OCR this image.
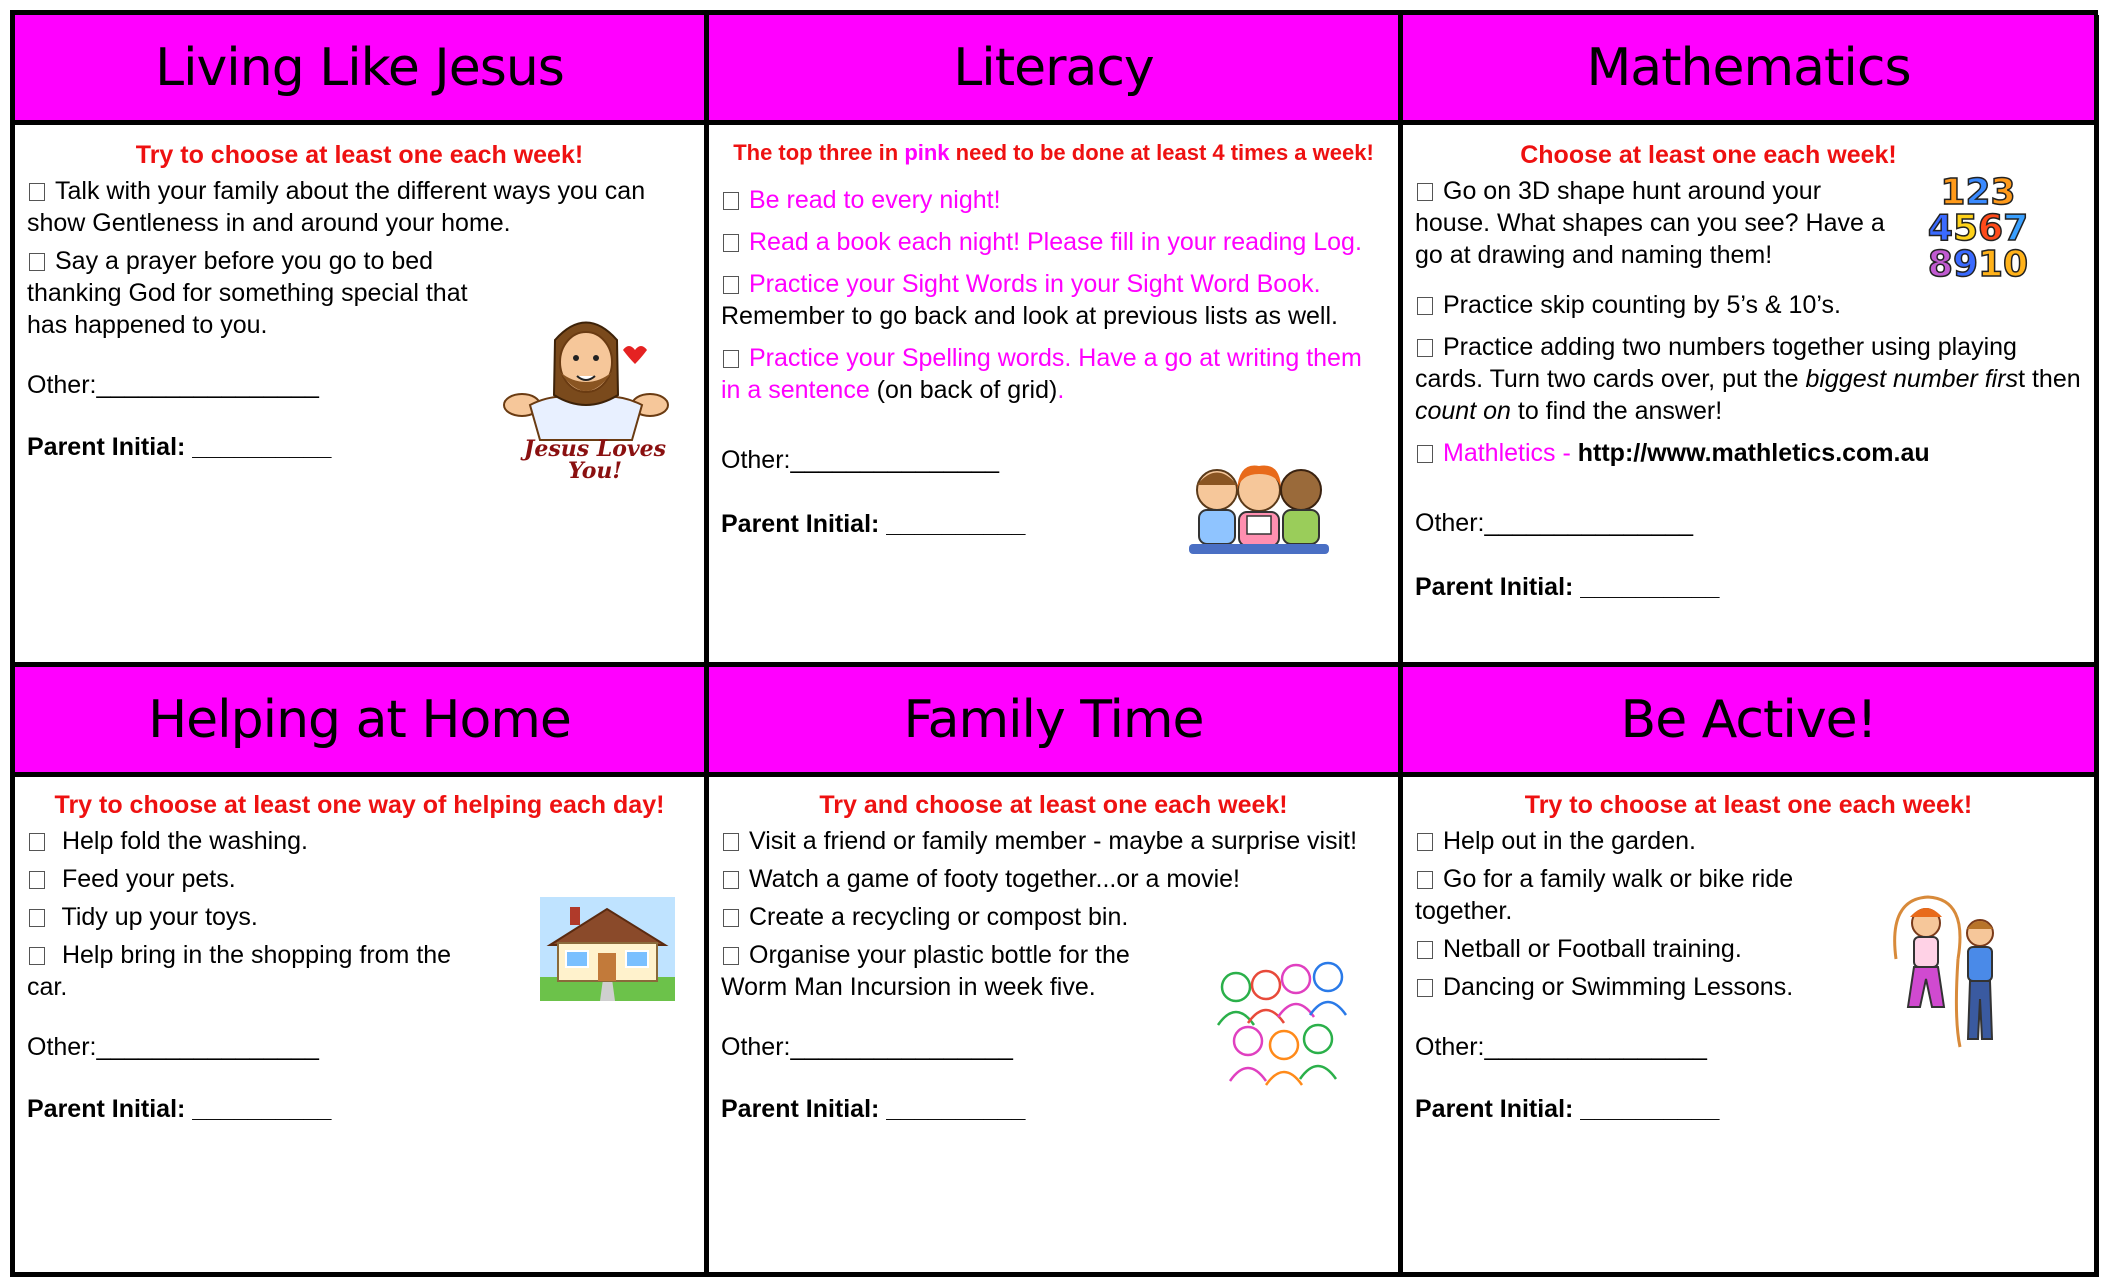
Living Like Jesus	Literacy	Mathematics
Try to choose at least one each week!
Talk with your family about the different ways you can show Gentleness in and around your home.
Say a prayer before you go to bed thanking God for something special that has happened to you.
Other:________________
Parent Initial: __________	Jesus Loves
You!
The top three in pink need to be done at least 4 times a week!
Be read to every night!
Read a book each night! Please fill in your reading Log.
Practice your Sight Words in your Sight Word Book. Remember to go back and look at previous lists as well.
Practice your Spelling words. Have a go at writing them in a sentence (on back of grid).
Other:_______________
Parent Initial: __________
Choose at least one each week!
Go on 3D shape hunt around your house. What shapes can you see? Have a go at drawing and naming them!
Practice skip counting by 5’s & 10’s.
Practice adding two numbers together using playing cards. Turn two cards over, put the biggest number first then count on to find the answer!
Mathletics - http://www.mathletics.com.au
Other:_______________
Parent Initial: __________
123
4567
8910
Helping at Home	Family Time	Be Active!
Try to choose at least one way of helping each day!
Help fold the washing.
Feed your pets.
Tidy up your toys.
Help bring in the shopping from the car.
Other:________________
Parent Initial: __________
Try and choose at least one each week!
Visit a friend or family member - maybe a surprise visit!
Watch a game of footy together...or a movie!
Create a recycling or compost bin.
Organise your plastic bottle for the Worm Man Incursion in week five.
Other:________________
Parent Initial: __________
Try to choose at least one each week!
Help out in the garden.
Go for a family walk or bike ride together.
Netball or Football training.
Dancing or Swimming Lessons.
Other:________________
Parent Initial: __________
